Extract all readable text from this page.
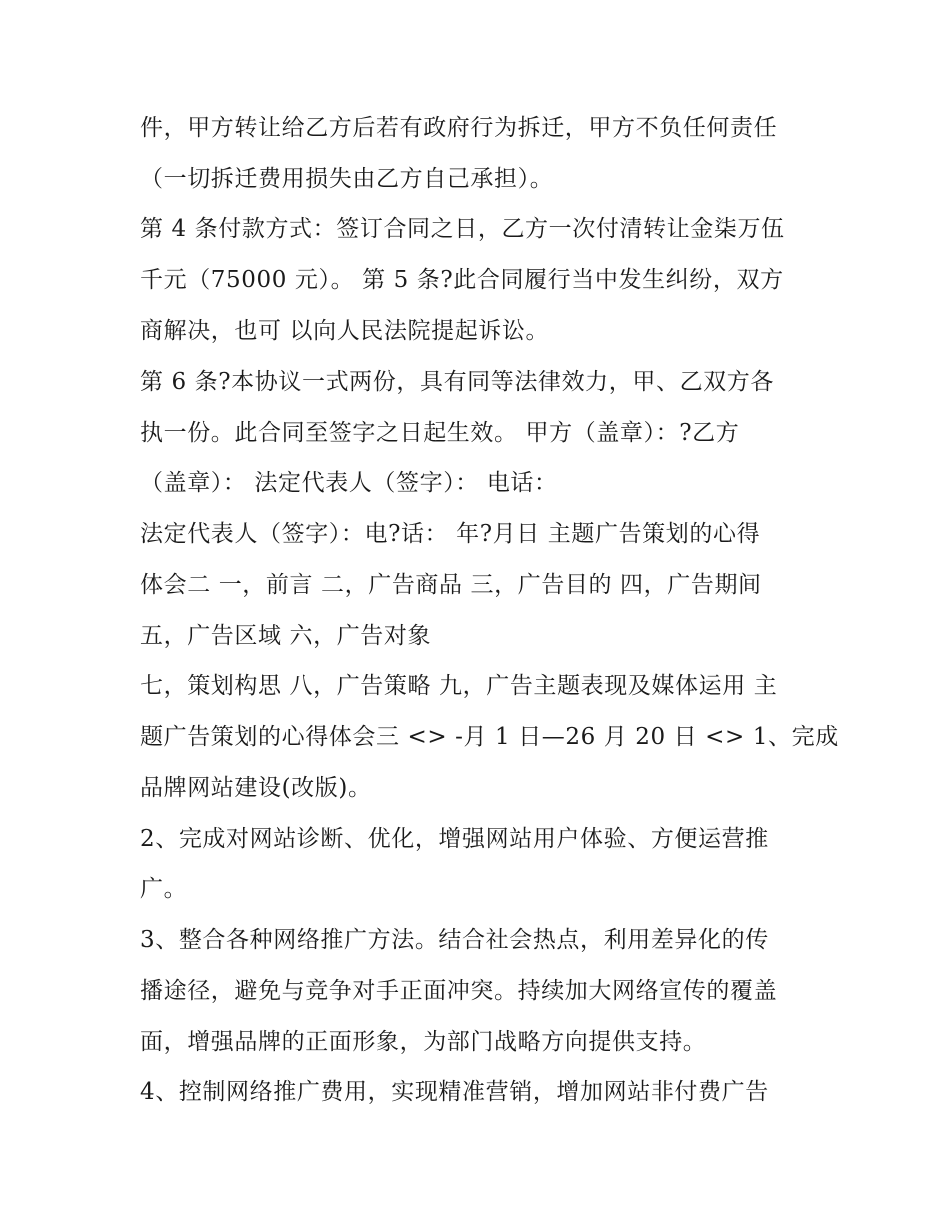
件，甲方转让给乙方后若有政府行为拆迁，甲方不负任何责任
（一切拆迁费用损失由乙方自己承担）。
第 4 条付款方式：签订合同之日，乙方一次付清转让金柒万伍
千元（75000 元）。 第 5 条?此合同履行当中发生纠纷，双方
商解决，也可 以向人民法院提起诉讼。
第 6 条?本协议一式两份，具有同等法律效力，甲、乙双方各
执一份。此合同至签字之日起生效。 甲方（盖章）：?乙方
（盖章）： 法定代表人（签字）： 电话：
法定代表人（签字）：电?话： 年?月日 主题广告策划的心得
体会二 一，前言 二，广告商品 三，广告目的 四，广告期间
五，广告区域 六，广告对象
七，策划构思 八，广告策略 九，广告主题表现及媒体运用 主
题广告策划的心得体会三 <> -月 1 日—26 月 20 日 <> 1、完成
品牌网站建设(改版)。
2、完成对网站诊断、优化，增强网站用户体验、方便运营推
广。
3、整合各种网络推广方法。结合社会热点，利用差异化的传
播途径，避免与竞争对手正面冲突。持续加大网络宣传的覆盖
面，增强品牌的正面形象，为部门战略方向提供支持。
4、控制网络推广费用，实现精准营销，增加网站非付费广告
